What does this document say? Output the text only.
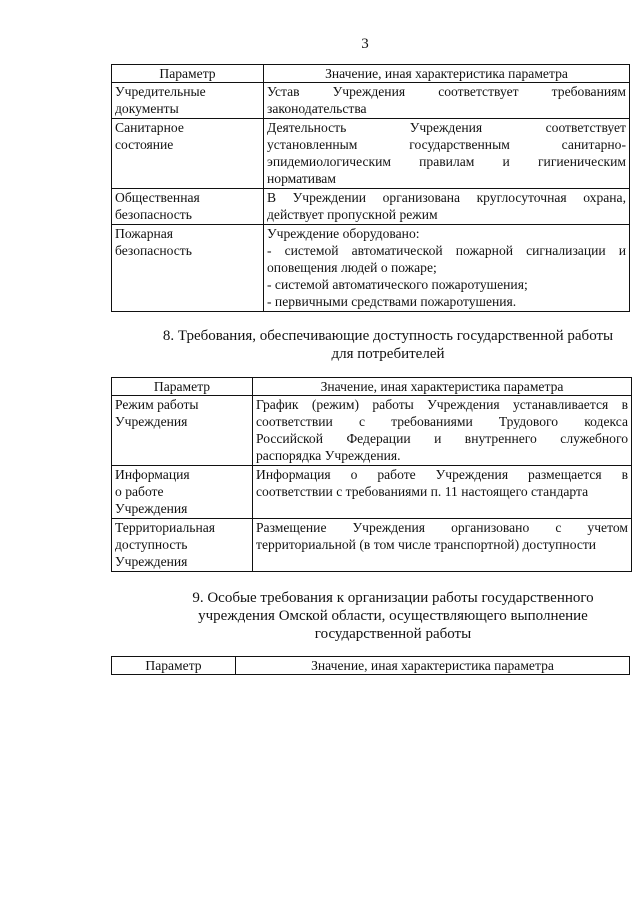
3
Параметр	Значение, иная характеристика параметра
Учредительные
документы	Устав Учреждения соответствует требованиям
законодательства

Санитарное
состояние	Деятельность Учреждения соответствует
установленным государственным санитарно-
эпидемиологическим правилам и гигиеническим
нормативам

Общественная
безопасность	В Учреждении организована круглосуточная охрана,
действует пропускной режим

Пожарная
безопасность	Учреждение оборудовано:
- системой автоматической пожарной сигнализации и
оповещения людей о пожаре;
- системой автоматического пожаротушения;
- первичными средствами пожаротушения.
8. Требования, обеспечивающие доступность государственной работы
для потребителей
Параметр	Значение, иная характеристика параметра
Режим работы
Учреждения	График (режим) работы Учреждения устанавливается в
соответствии с требованиями Трудового кодекса
Российской Федерации и внутреннего служебного
распорядка Учреждения.

Информация
о работе
Учреждения	Информация о работе Учреждения размещается в
соответствии с требованиями п. 11 настоящего стандарта

Территориальная
доступность
Учреждения	Размещение Учреждения организовано с учетом
территориальной (в том числе транспортной) доступности
9. Особые требования к организации работы государственного
учреждения Омской области, осуществляющего выполнение
государственной работы
Параметр	Значение, иная характеристика параметра
